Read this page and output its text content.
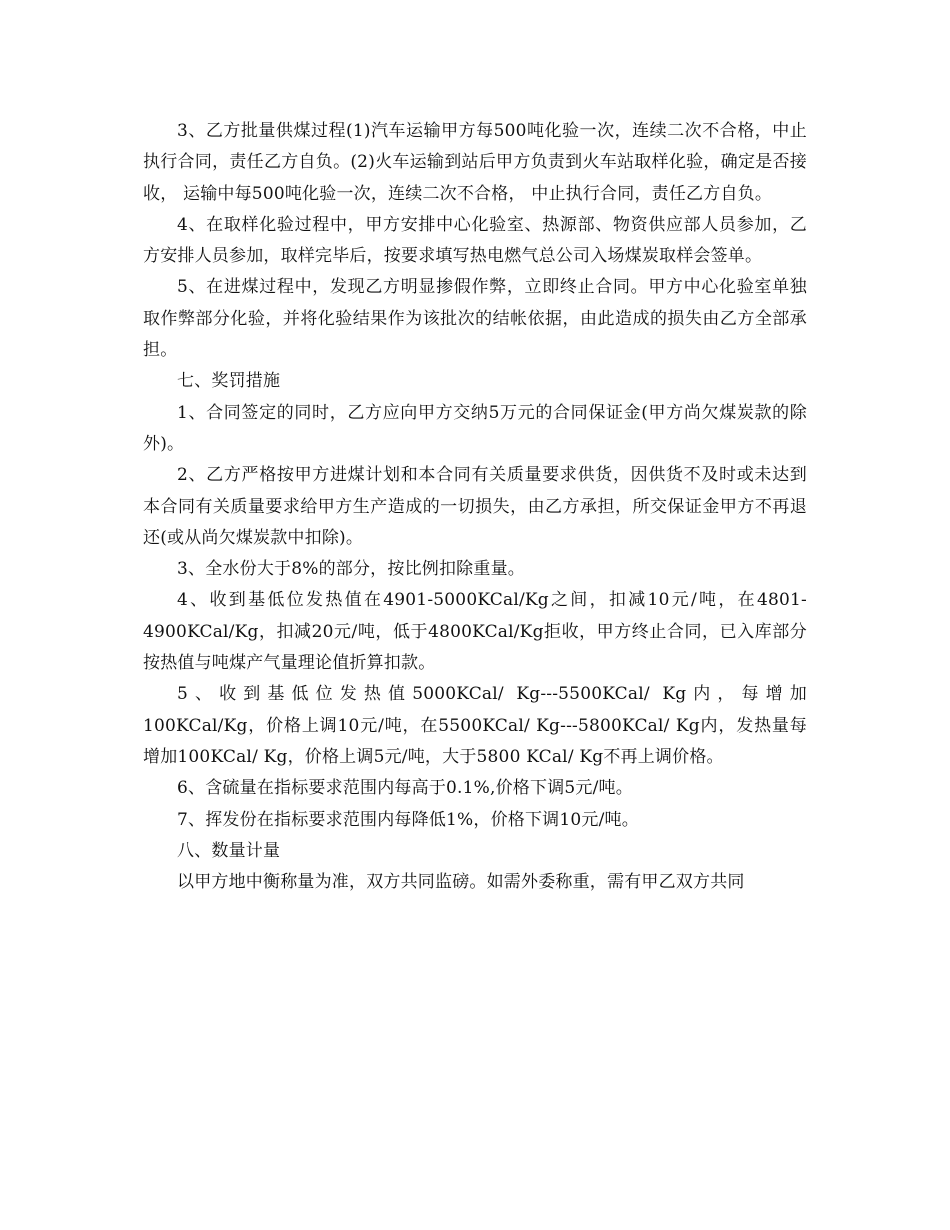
3、乙方批量供煤过程(1)汽车运输甲方每500吨化验一次，连续二次不合格，中止执行合同，责任乙方自负。(2)火车运输到站后甲方负责到火车站取样化验，确定是否接收， 运输中每500吨化验一次，连续二次不合格， 中止执行合同，责任乙方自负。

4、在取样化验过程中，甲方安排中心化验室、热源部、物资供应部人员参加，乙方安排人员参加，取样完毕后，按要求填写热电燃气总公司入场煤炭取样会签单。

5、在进煤过程中，发现乙方明显掺假作弊，立即终止合同。甲方中心化验室单独取作弊部分化验，并将化验结果作为该批次的结帐依据，由此造成的损失由乙方全部承担。

七、奖罚措施

1、合同签定的同时，乙方应向甲方交纳5万元的合同保证金(甲方尚欠煤炭款的除外)。

2、乙方严格按甲方进煤计划和本合同有关质量要求供货，因供货不及时或未达到本合同有关质量要求给甲方生产造成的一切损失，由乙方承担，所交保证金甲方不再退还(或从尚欠煤炭款中扣除)。

3、全水份大于8%的部分，按比例扣除重量。

4、收到基低位发热值在4901-5000KCal/Kg之间，扣减10元/吨，在4801-4900KCal/Kg，扣减20元/吨，低于4800KCal/Kg拒收，甲方终止合同，已入库部分按热值与吨煤产气量理论值折算扣款。

5、收到基低位发热值5000KCal/ Kg---5500KCal/ Kg内，每增加100KCal/Kg，价格上调10元/吨，在5500KCal/ Kg---5800KCal/ Kg内，发热量每增加100KCal/ Kg，价格上调5元/吨，大于5800 KCal/ Kg不再上调价格。

6、含硫量在指标要求范围内每高于0.1%,价格下调5元/吨。

7、挥发份在指标要求范围内每降低1%，价格下调10元/吨。

八、数量计量

以甲方地中衡称量为准，双方共同监磅。如需外委称重，需有甲乙双方共同
